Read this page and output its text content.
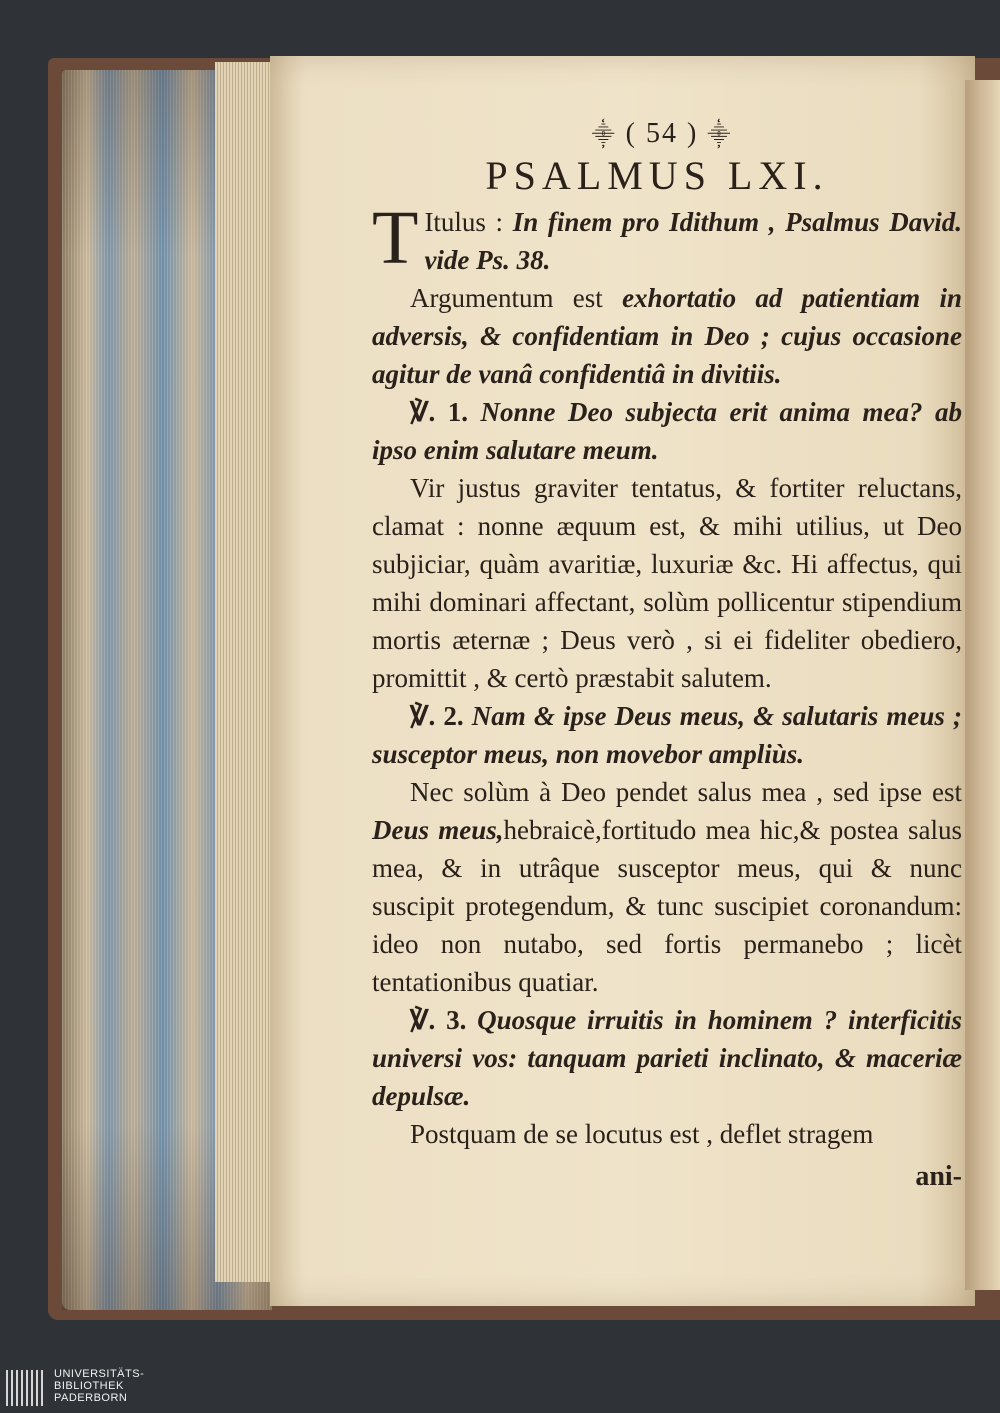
⸎ ( 54 ) ⸎
PSALMUS LXI.

T Itulus : In finem pro Idithum , Psalmus David. vide Ps. 38.

Argumentum est exhortatio ad patientiam in adversis, & confidentiam in Deo ; cujus occasione agitur de vanâ confidentiâ in divitiis.

℣. 1. Nonne Deo subjecta erit anima mea? ab ipso enim salutare meum.

Vir justus graviter tentatus, & fortiter reluctans, clamat : nonne æquum est, & mihi utilius, ut Deo subjiciar, quàm avaritiæ, luxuriæ &c. Hi affectus, qui mihi dominari affectant, solùm pollicentur stipendium mortis æternæ ; Deus verò , si ei fideliter obediero, promittit , & certò præstabit salutem.

℣. 2. Nam & ipse Deus meus, & salutaris meus ; susceptor meus, non movebor ampliùs.

Nec solùm à Deo pendet salus mea , sed ipse est Deus meus,hebraicè,fortitudo mea hic,& postea salus mea, & in utrâque susceptor meus, qui & nunc suscipit protegendum, & tunc suscipiet coronandum: ideo non nutabo, sed fortis permanebo ; licèt tentationibus quatiar.

℣. 3. Quosque irruitis in hominem ? interficitis universi vos: tanquam parieti inclinato, & maceriæ depulsæ.

Postquam de se locutus est , deflet stragem

ani-
UNIVERSITÄTS-
BIBLIOTHEK
PADERBORN
